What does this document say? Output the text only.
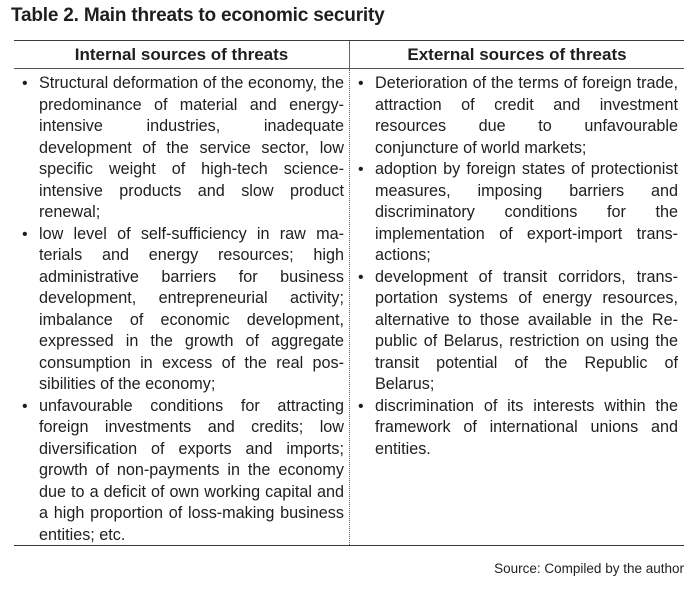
Table 2. Main threats to economic security
Internal sources of threats	External sources of threats
• Structural deformation of the economy, the predominance of material and energy-intensive industries, inadequate development of the service sector, low specific weight of high-tech science-intensive products and slow product renewal;
• low level of self-sufficiency in raw materials and energy resources; high administrative barriers for business development, entrepreneurial activity; imbalance of economic development, expressed in the growth of aggregate consumption in excess of the real possibilities of the economy;
• unfavourable conditions for attracting foreign investments and credits; low diversification of exports and imports; growth of non-payments in the economy due to a deficit of own working capital and a high proportion of loss-making business entities; etc.
• Deterioration of the terms of foreign trade, attraction of credit and investment resources due to unfavourable conjuncture of world markets;
• adoption by foreign states of protectionist measures, imposing barriers and discriminatory conditions for the implementation of export-import transactions;
• development of transit corridors, transportation systems of energy resources, alternative to those available in the Republic of Belarus, restriction on using the transit potential of the Republic of Belarus;
• discrimination of its interests within the framework of international unions and entities.
Source: Compiled by the author
